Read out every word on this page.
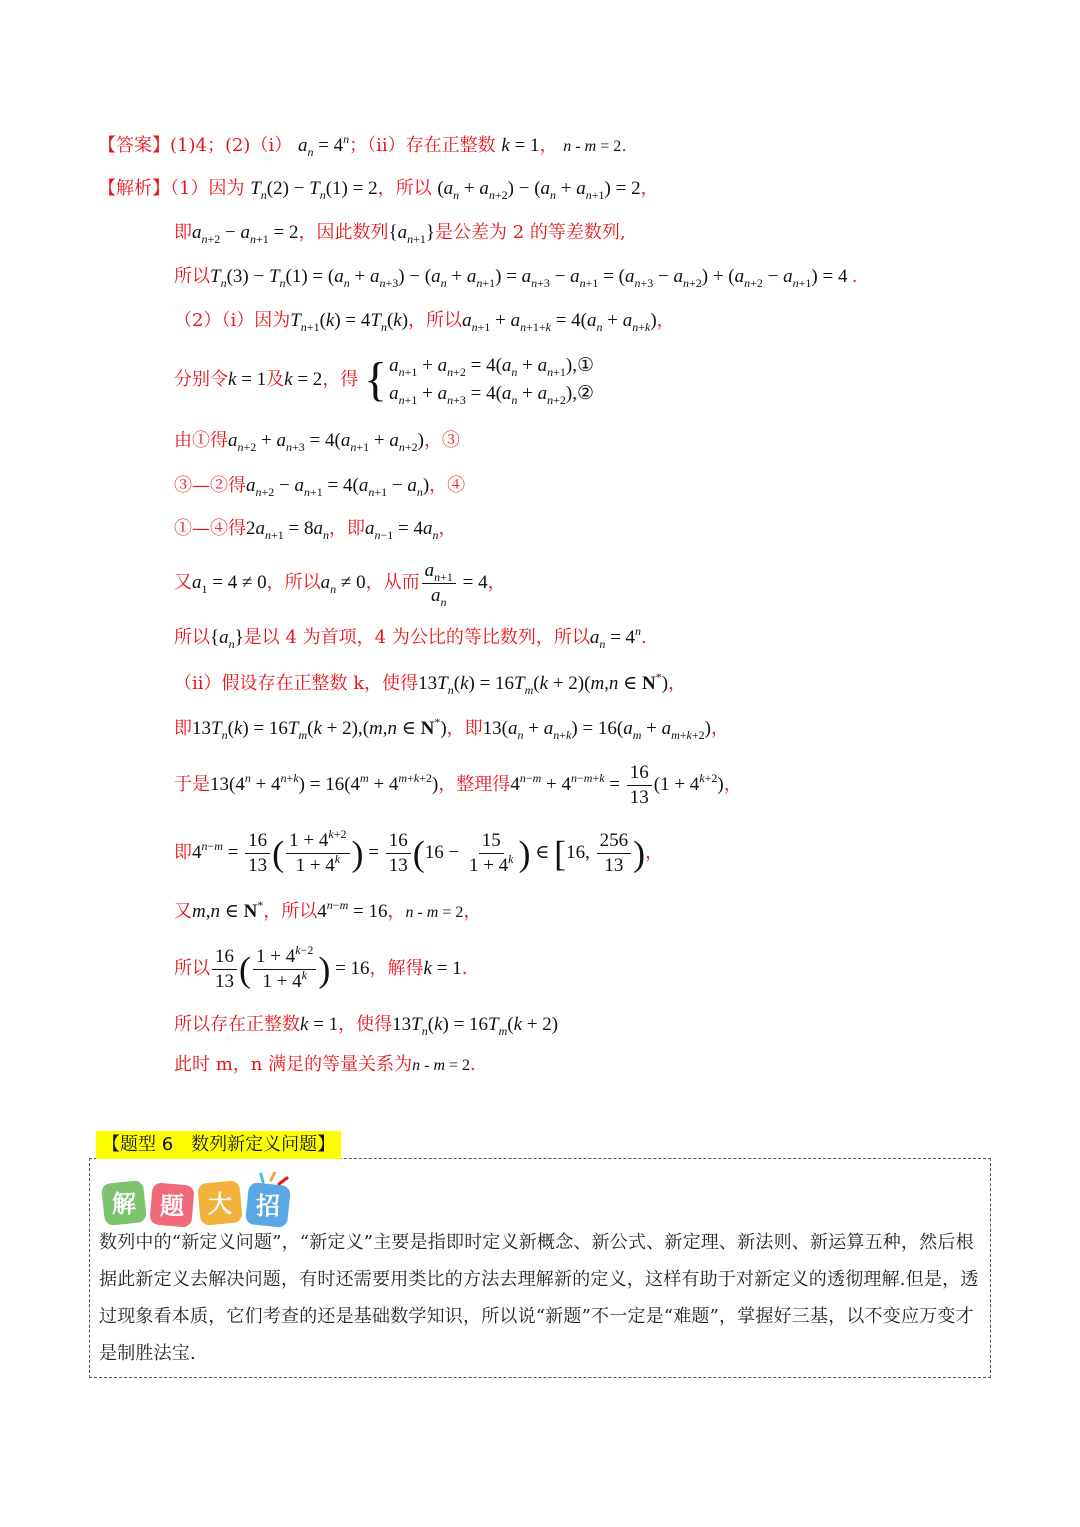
【答案】(1)4；(2)（i） $a_n = 4^n$；（ii）存在正整数 k = 1， n - m = 2.
【解析】（1）因为 $T_n(2) - T_n(1) = 2$，所以 $(a_n + a_{n+2}) - (a_n + a_{n+1}) = 2$，
即$a_{n+2} - a_{n+1} = 2$，因此数列$\{a_{n+1}\}$是公差为 2 的等差数列,
所以$T_n(3) - T_n(1) = (a_n + a_{n+3}) - (a_n + a_{n+1}) = a_{n+3} - a_{n+1} = (a_{n+3} - a_{n+2}) + (a_{n+2} - a_{n+1}) = 4$ .
（2）（i）因为$T_{n+1}(k) = 4T_n(k)$，所以$a_{n+1} + a_{n+1+k} = 4(a_n + a_{n+k})$，
分别令k = 1及k = 2，得 { $a_{n+1} + a_{n+2} = 4(a_n$ + $a_{n+1}),①$
$a_{n+1} + a_{n+3} = 4(a_n$ + $a_{n+2}),②$
由①得$a_{n+2} + a_{n+3} = 4(a_{n+1} + a_{n+2})$，③
③—②得$a_{n+2} - a_{n+1} = 4(a_{n+1} - a_n)$，④
①—④得$2a_{n+1} = 8a_n$，即$a_{n-1} = 4a_n$，
又$a_1 = 4 \ne 0$，所以$a_n \ne 0$，从而 $\frac{a_{n+1}}{a_n} = 4$，
所以$\{a_n\}$是以 4 为首项，4 为公比的等比数列，所以$a_n = 4^n$.
（ii）假设存在正整数 k，使得$13T_n(k) = 16T_m(k + 2)(m,n$ ∈ N*)，
即$13T_n(k) = 16T_m(k + 2),(m,n$ ∈ N*)，即$13(a_n + a_{n+k}) = 16(a_m + a_{m+k+2})$，
于是$13(4^n + 4^{n+k}) = 16(4^m + 4^{m+k+2})$，整理得$4^{n-m} + 4^{n-m+k} = \frac{16}{13} (1 + 4^{k+2})$，
即$4^{n-m} = \frac{16}{13}$ ( $\frac{1 + 4^{k+2}}{1 + 4^k}$ ) = $\frac{16}{13} (16 - \frac{15}{1 + 4^k}$ ) ∈ [16, $\frac{256}{13}$ )，
又m,n ∈ N*，所以$4^{n-m} = 16$，n - m = 2，
所以 $\frac{16}{13}$ ( $\frac{1 + 4^{k-2}}{1 + 4^k}$ ) = 16，解得k = 1.
所以存在正整数k = 1，使得$13T_n(k) = 16T_m(k + 2)$
此时 m，n 满足的等量关系为n - m = 2.
【题型 6　数列新定义问题】
解 题 大 招
数列中的“新定义问题”，“新定义”主要是指即时定义新概念、新公式、新定理、新法则、新运算五种，然后根据此新定义去解决问题，有时还需要用类比的方法去理解新的定义，这样有助于对新定义的透彻理解.但是，透过现象看本质，它们考查的还是基础数学知识，所以说“新题”不一定是“难题”，掌握好三基，以不变应万变才是制胜法宝.
